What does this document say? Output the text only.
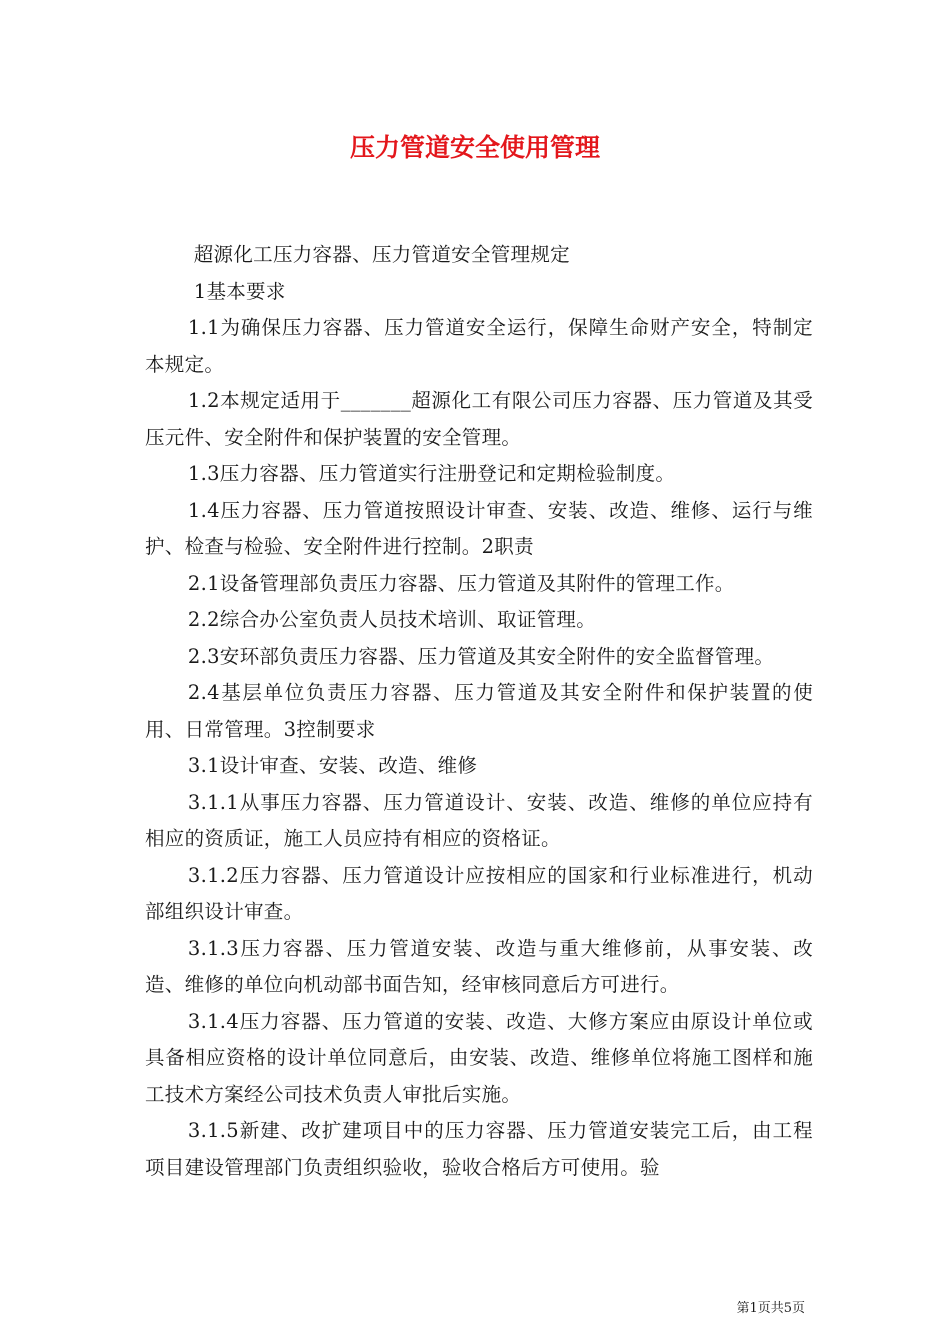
压力管道安全使用管理

超源化工压力容器、压力管道安全管理规定

1基本要求

1.1为确保压力容器、压力管道安全运行，保障生命财产安全，特制定本规定。

1.2本规定适用于_______超源化工有限公司压力容器、压力管道及其受压元件、安全附件和保护装置的安全管理。

1.3压力容器、压力管道实行注册登记和定期检验制度。

1.4压力容器、压力管道按照设计审查、安装、改造、维修、运行与维护、检查与检验、安全附件进行控制。2职责

2.1设备管理部负责压力容器、压力管道及其附件的管理工作。

2.2综合办公室负责人员技术培训、取证管理。

2.3安环部负责压力容器、压力管道及其安全附件的安全监督管理。

2.4基层单位负责压力容器、压力管道及其安全附件和保护装置的使用、日常管理。3控制要求

3.1设计审查、安装、改造、维修

3.1.1从事压力容器、压力管道设计、安装、改造、维修的单位应持有相应的资质证，施工人员应持有相应的资格证。

3.1.2压力容器、压力管道设计应按相应的国家和行业标准进行，机动部组织设计审查。

3.1.3压力容器、压力管道安装、改造与重大维修前，从事安装、改造、维修的单位向机动部书面告知，经审核同意后方可进行。

3.1.4压力容器、压力管道的安装、改造、大修方案应由原设计单位或具备相应资格的设计单位同意后，由安装、改造、维修单位将施工图样和施工技术方案经公司技术负责人审批后实施。

3.1.5新建、改扩建项目中的压力容器、压力管道安装完工后，由工程项目建设管理部门负责组织验收，验收合格后方可使用。验

第1页共5页
